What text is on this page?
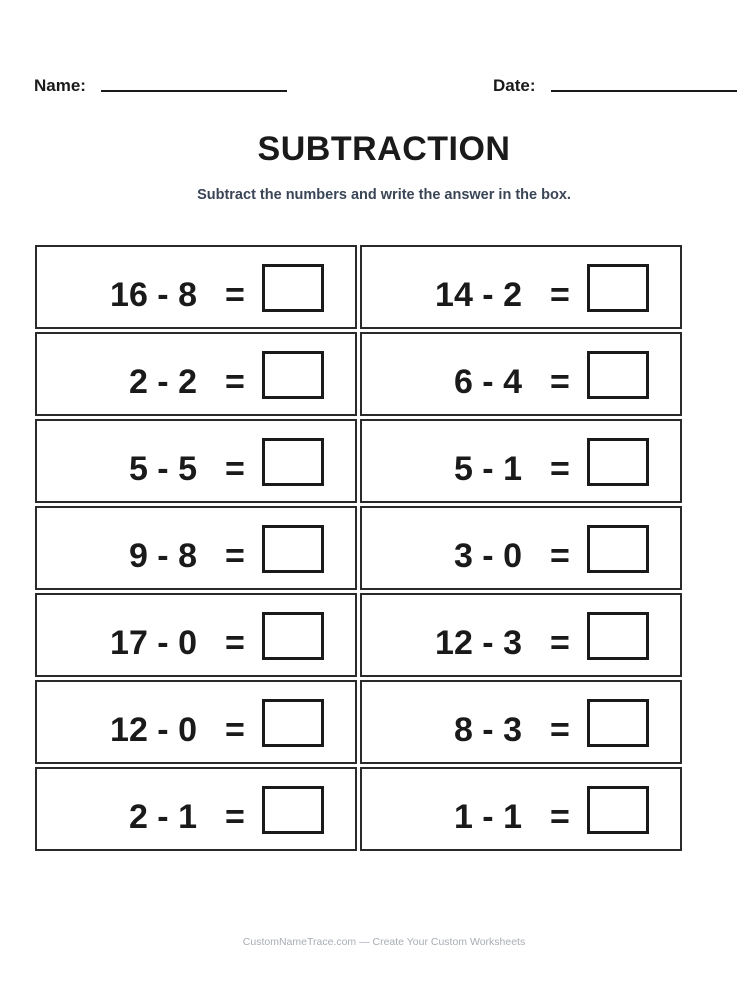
Name:	Date:
SUBTRACTION
Subtract the numbers and write the answer in the box.
16 - 8 =	14 - 2 =
2 - 2 =	6 - 4 =
5 - 5 =	5 - 1 =
9 - 8 =	3 - 0 =
17 - 0 =	12 - 3 =
12 - 0 =	8 - 3 =
2 - 1 =	1 - 1 =
CustomNameTrace.com — Create Your Custom Worksheets
